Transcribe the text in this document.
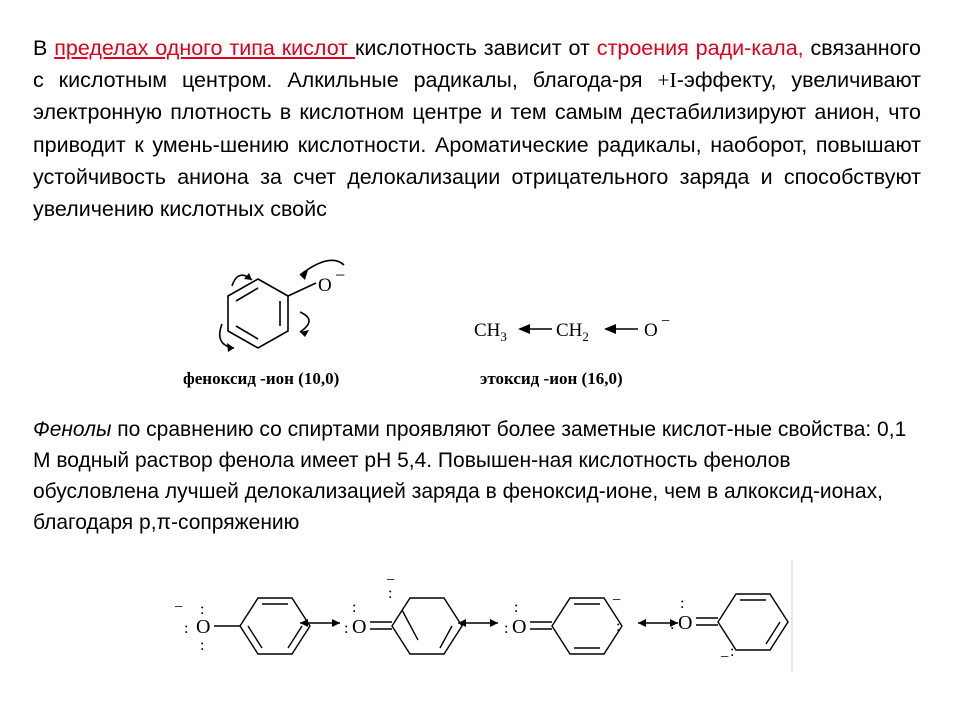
В пределах одного типа кислот кислотность зависит от строения ради-кала, связанного с кислотным центром. Алкильные радикалы, благода-ря +I-эффекту, увеличивают электронную плотность в кислотном центре и тем самым дестабилизируют анион, что приводит к умень-шению кислотности. Ароматические радикалы, наоборот, повышают устойчивость аниона за счет делокализации отрицательного заряда и способствуют увеличению кислотных свойс
O −
феноксид -ион (10,0)
$CH_3$	$CH_2$	O −
этоксид -ион (16,0)
Фенолы по сравнению со спиртами проявляют более заметные кислот-ные свойства: 0,1 М водный раствор фенола имеет рН 5,4. Повышен-ная кислотность фенолов обусловлена лучшей делокализацией заряда в феноксид-ионе, чем в алкоксид-ионах, благодаря р,π-сопряжению
O	O	O	O
−
:
:
:
−
:
:
:	−
:
:
:
− :
:
:
